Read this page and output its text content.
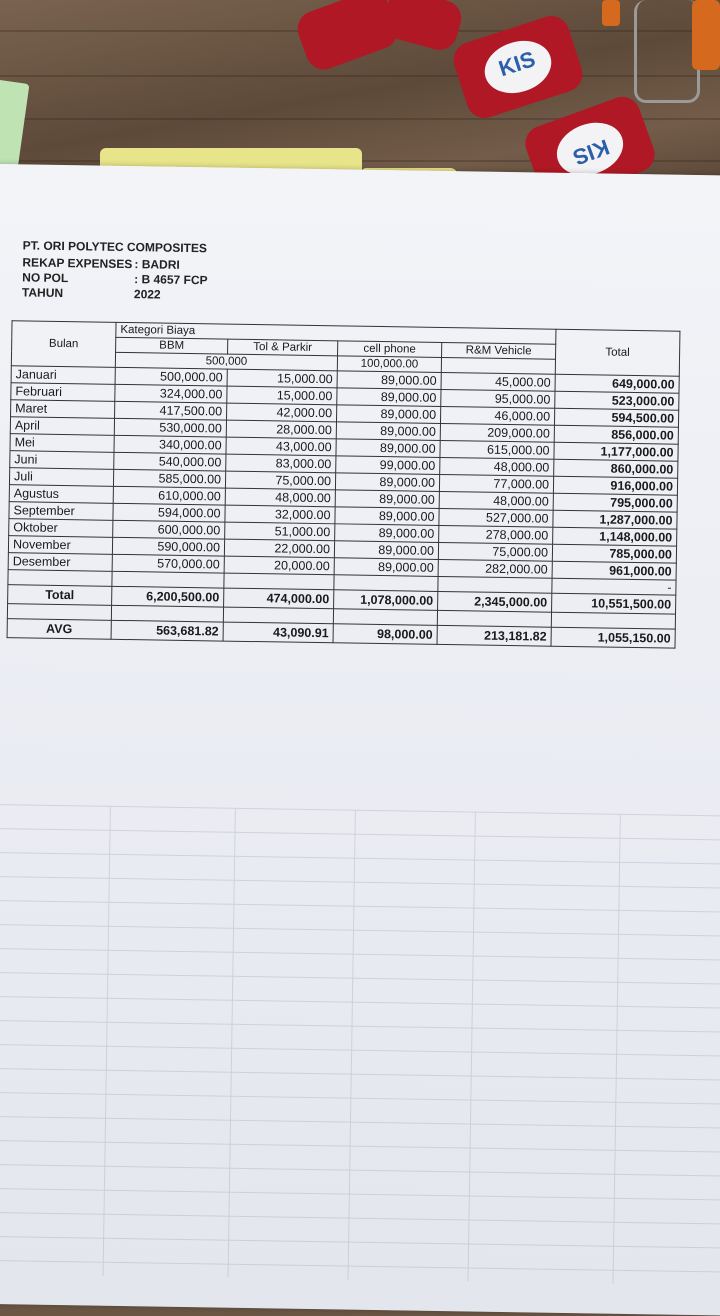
KIS
KIS
PT. ORI POLYTEC COMPOSITES
REKAP EXPENSES : BADRI
NO POL	: B 4657 FCP
TAHUN	2022
Bulan	Kategori Biaya				Total
	BBM	Tol & Parkir	cell phone	R&M Vehicle	
	500,000		100,000.00		
Januari	500,000.00	15,000.00	89,000.00	45,000.00	649,000.00
Februari	324,000.00	15,000.00	89,000.00	95,000.00	523,000.00
Maret	417,500.00	42,000.00	89,000.00	46,000.00	594,500.00
April	530,000.00	28,000.00	89,000.00	209,000.00	856,000.00
Mei	340,000.00	43,000.00	89,000.00	615,000.00	1,177,000.00
Juni	540,000.00	83,000.00	99,000.00	48,000.00	860,000.00
Juli	585,000.00	75,000.00	89,000.00	77,000.00	916,000.00
Agustus	610,000.00	48,000.00	89,000.00	48,000.00	795,000.00
September	594,000.00	32,000.00	89,000.00	527,000.00	1,287,000.00
Oktober	600,000.00	51,000.00	89,000.00	278,000.00	1,148,000.00
November	590,000.00	22,000.00	89,000.00	75,000.00	785,000.00
Desember	570,000.00	20,000.00	89,000.00	282,000.00	961,000.00
					-
Total	6,200,500.00	474,000.00	1,078,000.00	2,345,000.00	10,551,500.00

AVG	563,681.82	43,090.91	98,000.00	213,181.82	1,055,150.00
